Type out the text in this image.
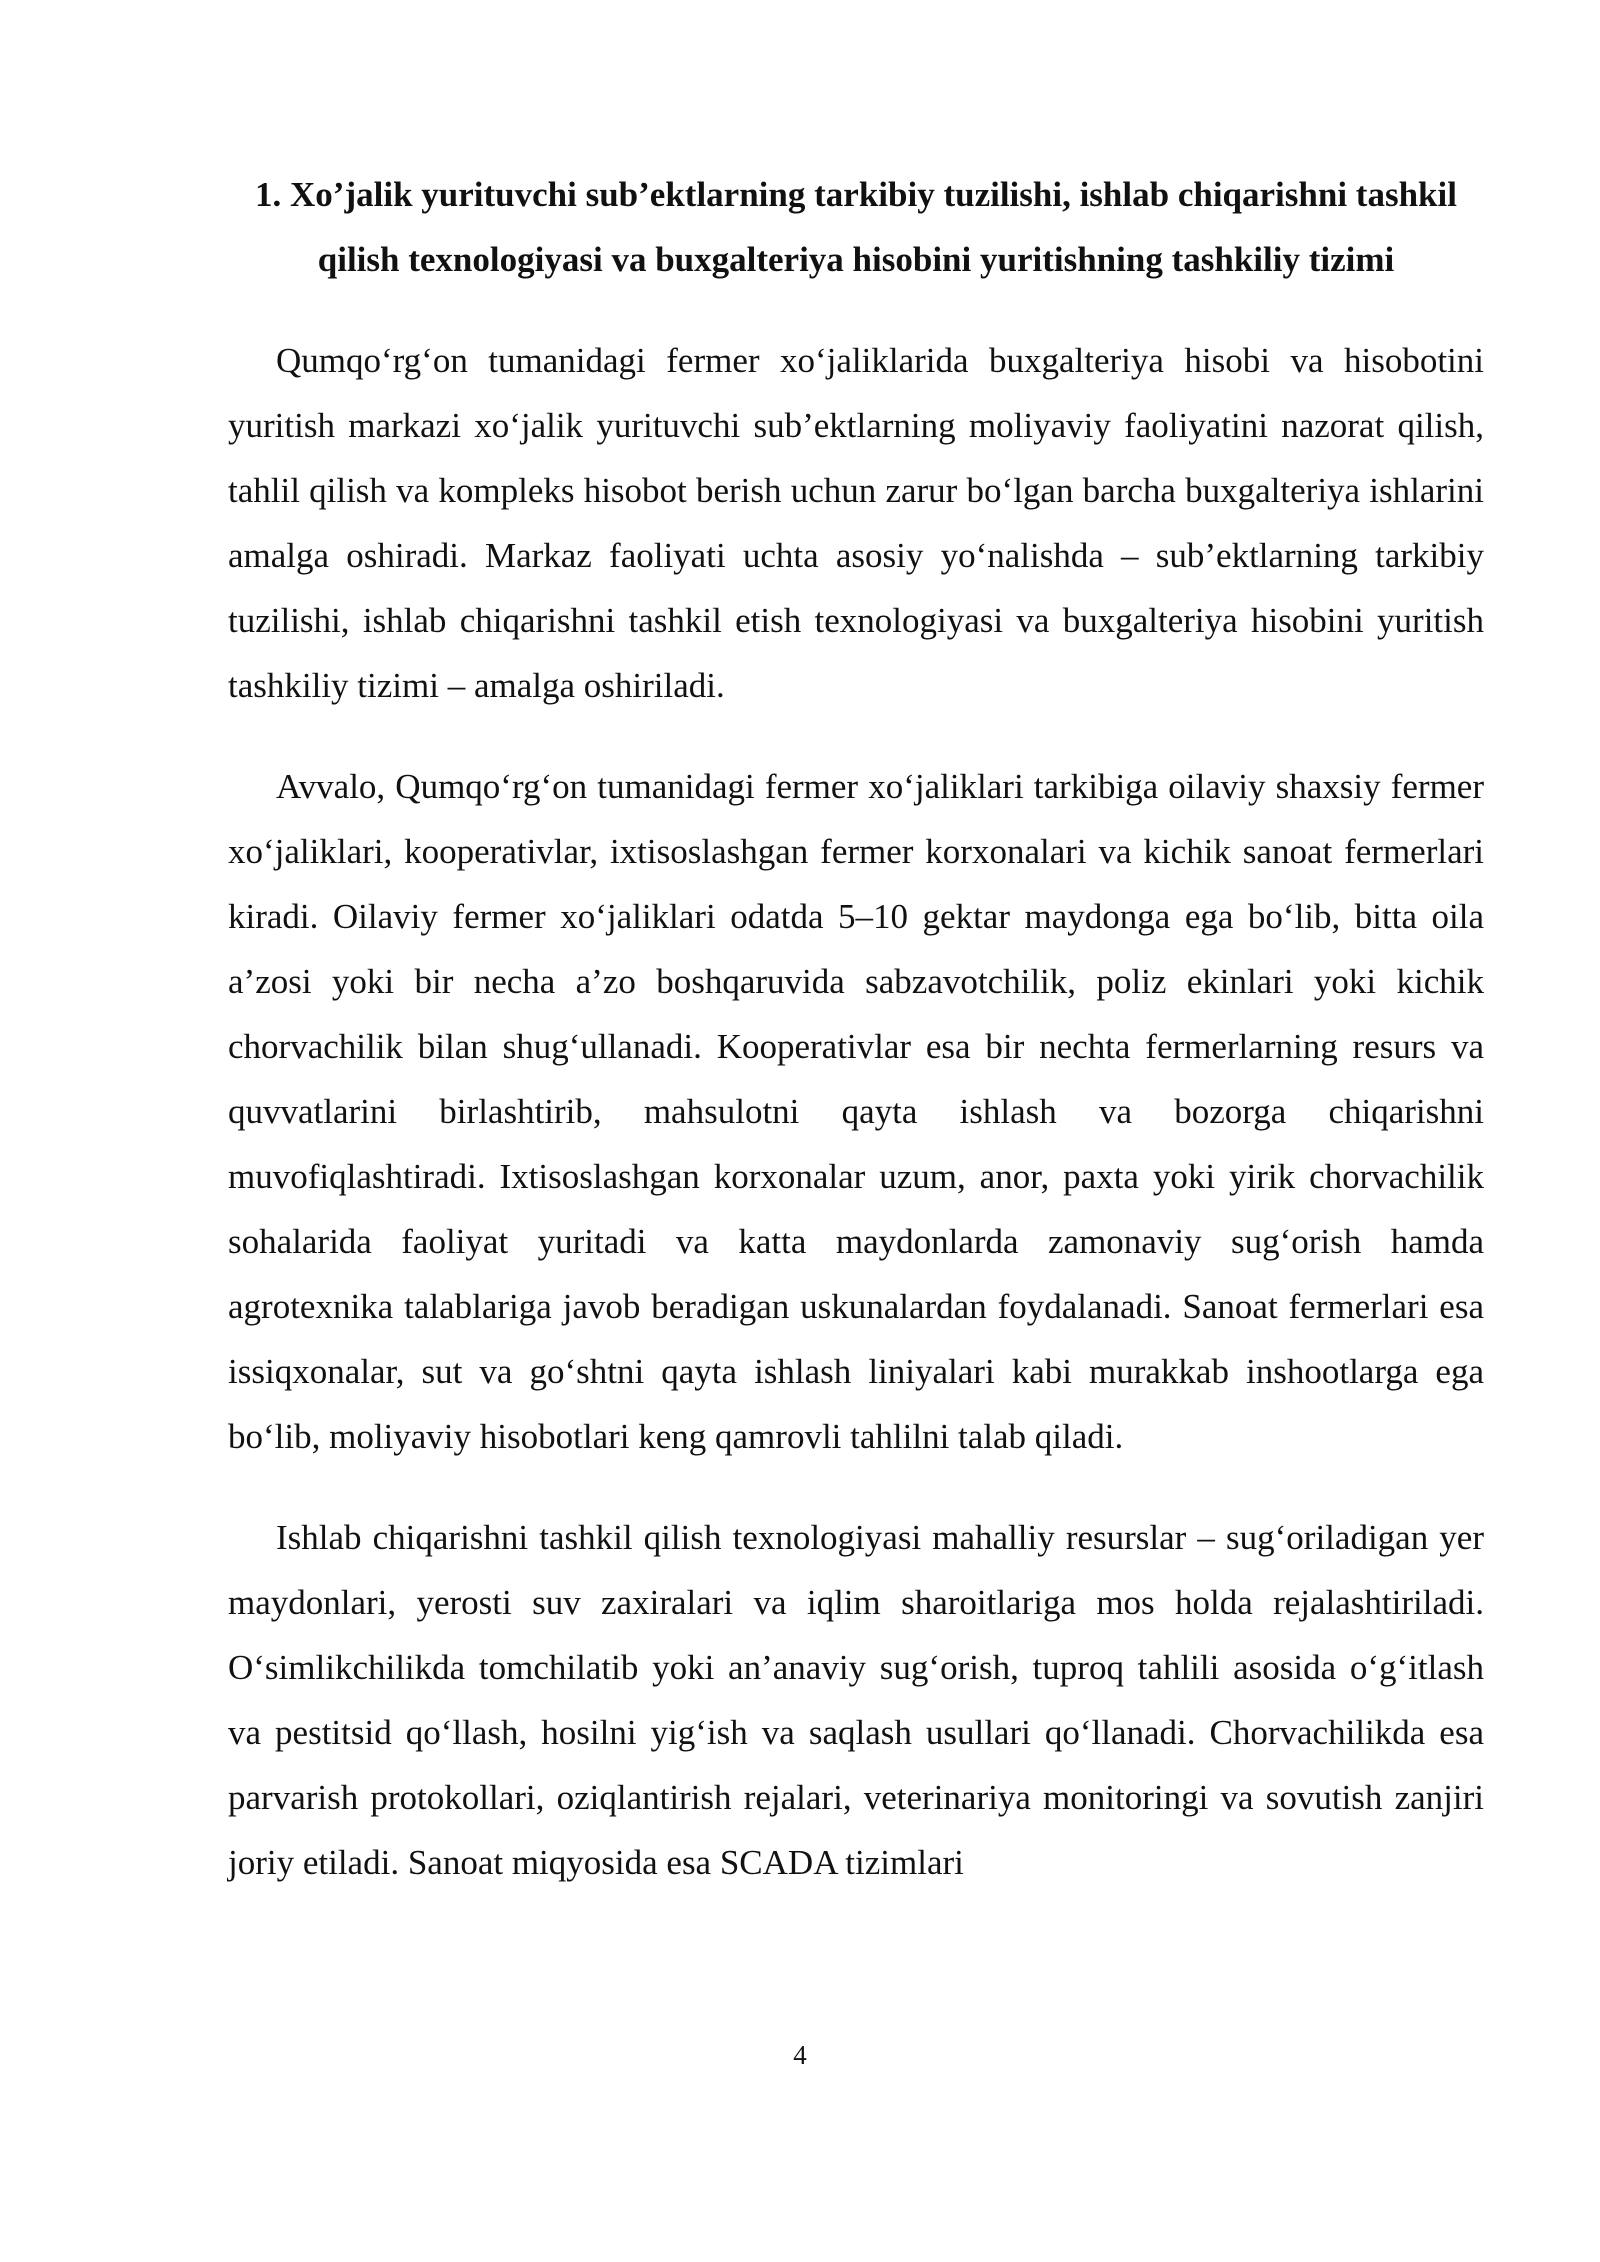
1. Xo’jalik yurituvchi sub’ektlarning tarkibiy tuzilishi, ishlab chiqarishni tashkil qilish texnologiyasi va buxgalteriya hisobini yuritishning tashkiliy tizimi

Qumqo‘rg‘on tumanidagi fermer xo‘jaliklarida buxgalteriya hisobi va hisobotini yuritish markazi xo‘jalik yurituvchi sub’ektlarning moliyaviy faoliyatini nazorat qilish, tahlil qilish va kompleks hisobot berish uchun zarur bo‘lgan barcha buxgalteriya ishlarini amalga oshiradi. Markaz faoliyati uchta asosiy yo‘nalishda – sub’ektlarning tarkibiy tuzilishi, ishlab chiqarishni tashkil etish texnologiyasi va buxgalteriya hisobini yuritish tashkiliy tizimi – amalga oshiriladi.

Avvalo, Qumqo‘rg‘on tumanidagi fermer xo‘jaliklari tarkibiga oilaviy shaxsiy fermer xo‘jaliklari, kooperativlar, ixtisoslashgan fermer korxonalari va kichik sanoat fermerlari kiradi. Oilaviy fermer xo‘jaliklari odatda 5–10 gektar maydonga ega bo‘lib, bitta oila a’zosi yoki bir necha a’zo boshqaruvida sabzavotchilik, poliz ekinlari yoki kichik chorvachilik bilan shug‘ullanadi. Kooperativlar esa bir nechta fermerlarning resurs va quvvatlarini birlashtirib, mahsulotni qayta ishlash va bozorga chiqarishni muvofiqlashtiradi. Ixtisoslashgan korxonalar uzum, anor, paxta yoki yirik chorvachilik sohalarida faoliyat yuritadi va katta maydonlarda zamonaviy sug‘orish hamda agrotexnika talablariga javob beradigan uskunalardan foydalanadi. Sanoat fermerlari esa issiqxonalar, sut va go‘shtni qayta ishlash liniyalari kabi murakkab inshootlarga ega bo‘lib, moliyaviy hisobotlari keng qamrovli tahlilni talab qiladi.

Ishlab chiqarishni tashkil qilish texnologiyasi mahalliy resurslar – sug‘oriladigan yer maydonlari, yerosti suv zaxiralari va iqlim sharoitlariga mos holda rejalashtiriladi. O‘simlikchilikda tomchilatib yoki an’anaviy sug‘orish, tuproq tahlili asosida o‘g‘itlash va pestitsid qo‘llash, hosilni yig‘ish va saqlash usullari qo‘llanadi. Chorvachilikda esa parvarish protokollari, oziqlantirish rejalari, veterinariya monitoringi va sovutish zanjiri joriy etiladi. Sanoat miqyosida esa SCADA tizimlari

4
